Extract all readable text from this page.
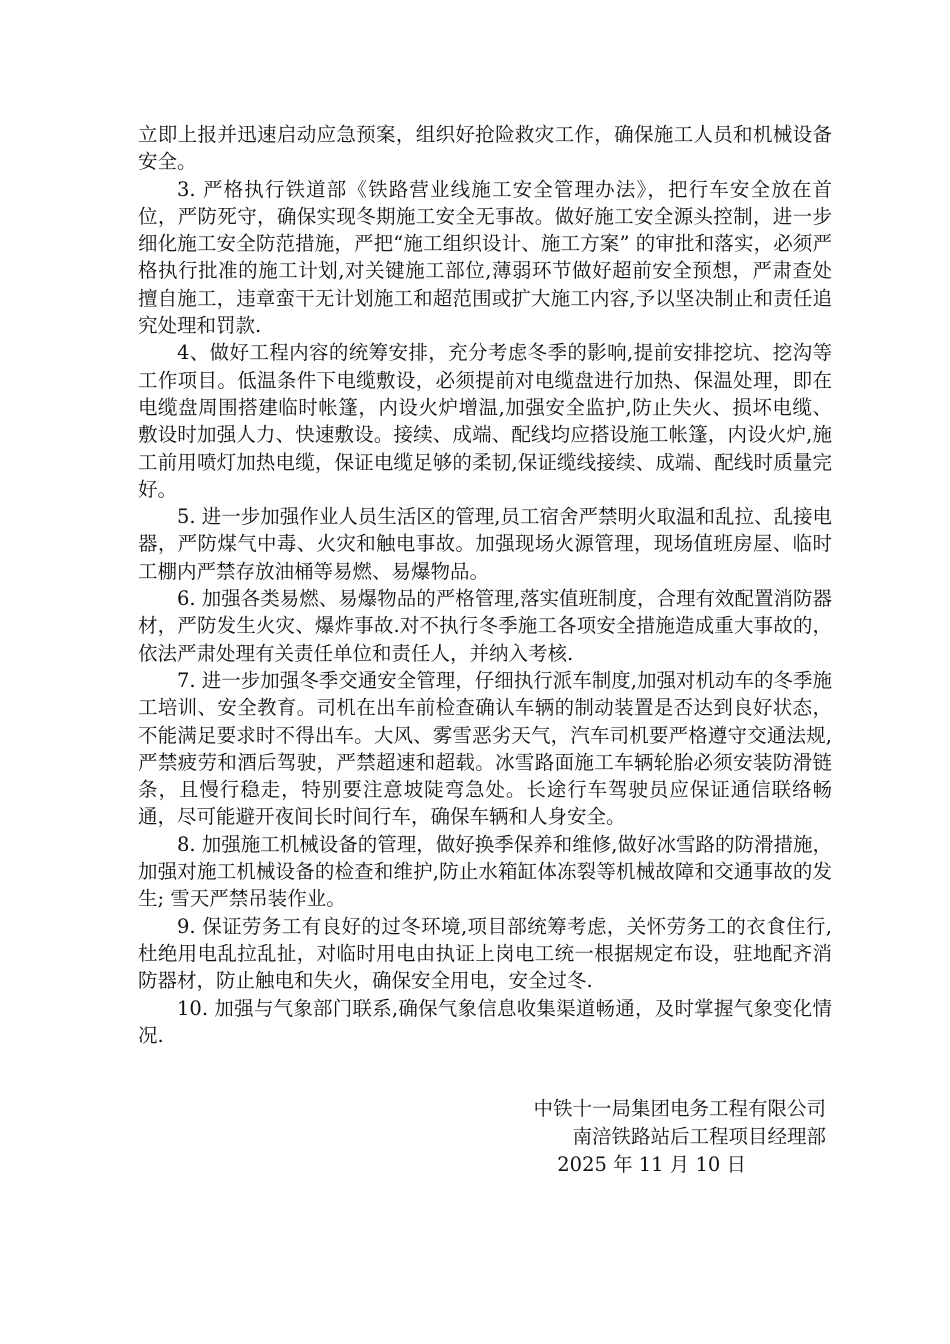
立即上报并迅速启动应急预案，组织好抢险救灾工作，确保施工人员和机械设备安全。

3. 严格执行铁道部《铁路营业线施工安全管理办法》，把行车安全放在首位，严防死守，确保实现冬期施工安全无事故。做好施工安全源头控制，进一步细化施工安全防范措施，严把“施工组织设计、施工方案” 的审批和落实，必须严格执行批准的施工计划,对关键施工部位,薄弱环节做好超前安全预想，严肃查处擅自施工，违章蛮干无计划施工和超范围或扩大施工内容,予以坚决制止和责任追究处理和罚款.

4、做好工程内容的统筹安排，充分考虑冬季的影响,提前安排挖坑、挖沟等工作项目。低温条件下电缆敷设，必须提前对电缆盘进行加热、保温处理，即在电缆盘周围搭建临时帐篷，内设火炉增温,加强安全监护,防止失火、损坏电缆、敷设时加强人力、快速敷设。接续、成端、配线均应搭设施工帐篷，内设火炉,施工前用喷灯加热电缆，保证电缆足够的柔韧,保证缆线接续、成端、配线时质量完好。

5. 进一步加强作业人员生活区的管理,员工宿舍严禁明火取温和乱拉、乱接电器，严防煤气中毒、火灾和触电事故。加强现场火源管理，现场值班房屋、临时工棚内严禁存放油桶等易燃、易爆物品。

6. 加强各类易燃、易爆物品的严格管理,落实值班制度，合理有效配置消防器材，严防发生火灾、爆炸事故.对不执行冬季施工各项安全措施造成重大事故的，依法严肃处理有关责任单位和责任人，并纳入考核.

7. 进一步加强冬季交通安全管理，仔细执行派车制度,加强对机动车的冬季施工培训、安全教育。司机在出车前检查确认车辆的制动装置是否达到良好状态，不能满足要求时不得出车。大风、雾雪恶劣天气，汽车司机要严格遵守交通法规,严禁疲劳和酒后驾驶，严禁超速和超载。冰雪路面施工车辆轮胎必须安装防滑链条，且慢行稳走，特别要注意坡陡弯急处。长途行车驾驶员应保证通信联络畅通，尽可能避开夜间长时间行车，确保车辆和人身安全。

8. 加强施工机械设备的管理，做好换季保养和维修,做好冰雪路的防滑措施，加强对施工机械设备的检查和维护,防止水箱缸体冻裂等机械故障和交通事故的发生; 雪天严禁吊装作业。

9. 保证劳务工有良好的过冬环境,项目部统筹考虑，关怀劳务工的衣食住行,杜绝用电乱拉乱扯，对临时用电由执证上岗电工统一根据规定布设，驻地配齐消防器材，防止触电和失火，确保安全用电，安全过冬.

10. 加强与气象部门联系,确保气象信息收集渠道畅通，及时掌握气象变化情况.

中铁十一局集团电务工程有限公司
南涪铁路站后工程项目经理部
2025 年 11 月 10 日
